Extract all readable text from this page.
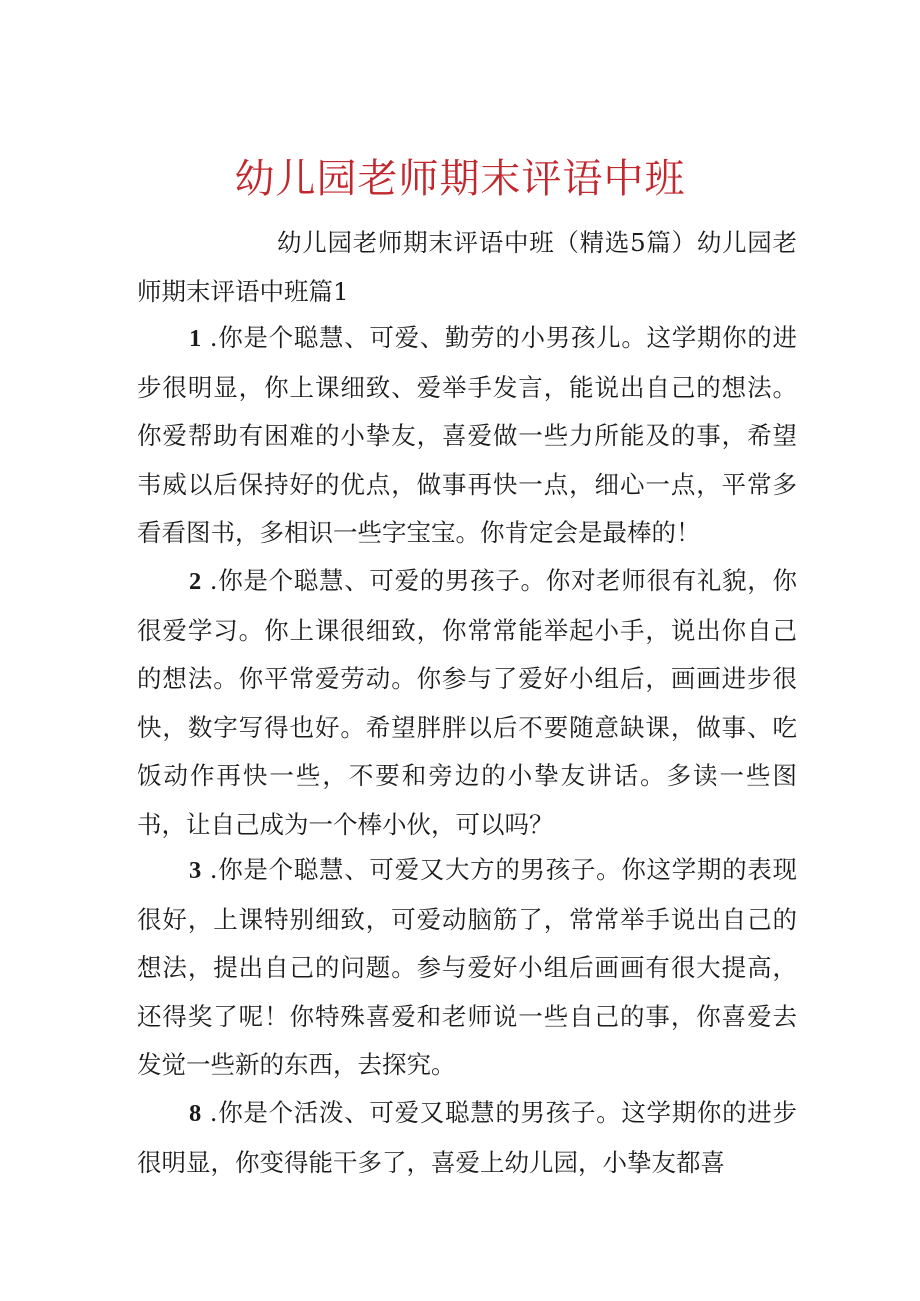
幼儿园老师期末评语中班

幼儿园老师期末评语中班（精选5篇）幼儿园老师期末评语中班篇1

1 .你是个聪慧、可爱、勤劳的小男孩儿。这学期你的进步很明显，你上课细致、爱举手发言，能说出自己的想法。你爱帮助有困难的小挚友，喜爱做一些力所能及的事，希望韦威以后保持好的优点，做事再快一点，细心一点，平常多看看图书，多相识一些字宝宝。你肯定会是最棒的！

2 .你是个聪慧、可爱的男孩子。你对老师很有礼貌，你很爱学习。你上课很细致，你常常能举起小手，说出你自己的想法。你平常爱劳动。你参与了爱好小组后，画画进步很快，数字写得也好。希望胖胖以后不要随意缺课，做事、吃饭动作再快一些，不要和旁边的小挚友讲话。多读一些图书，让自己成为一个棒小伙，可以吗？

3 .你是个聪慧、可爱又大方的男孩子。你这学期的表现很好，上课特别细致，可爱动脑筋了，常常举手说出自己的想法，提出自己的问题。参与爱好小组后画画有很大提高，还得奖了呢！你特殊喜爱和老师说一些自己的事，你喜爱去发觉一些新的东西，去探究。

8 .你是个活泼、可爱又聪慧的男孩子。这学期你的进步很明显，你变得能干多了，喜爱上幼儿园，小挚友都喜
